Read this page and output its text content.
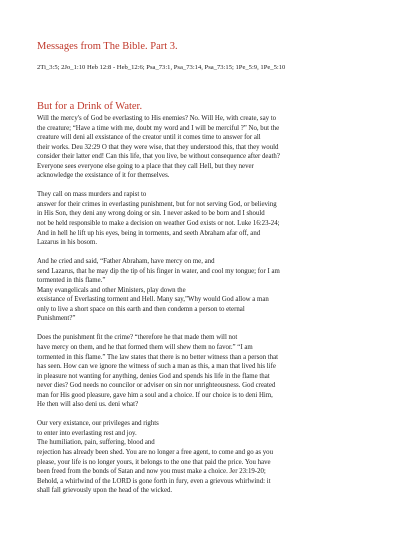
Messages from The Bible. Part 3.
2Ti_3:5; 2Jo_1:10 Heb 12:8 - Heb_12:6; Psa_73:1, Psa_73:14, Psa_73:15; 1Pe_5:9, 1Pe_5:10
But for a Drink of Water.

Will the mercy's of God be everlasting to His enemies? No. Will He, with create, say to
the creature; “Have a time with me, doubt my word and I will be merciful ?” No, but the
creature will deni all exsistance of the creator until it comes time to answer for all
their works. Deu 32:29 O that they were wise, that they understood this, that they would
consider their latter end! Can this life, that you live, be without consequence after death?
Everyone sees everyone else going to a place that they call Hell, but they never
acknowledge the exsistance of it for themselves.

They call on mass murders and rapist to
answer for their crimes in everlasting punishment, but for not serving God, or believing
in His Son, they deni any wrong doing or sin. I never asked to be born and I should
not be held responsible to make a decision on weather God exists or not. Luke 16:23-24;
And in hell he lift up his eyes, being in torments, and seeth Abraham afar off, and
Lazarus in his bosom.

And he cried and said, “Father Abraham, have mercy on me, and
send Lazarus, that he may dip the tip of his finger in water, and cool my tongue; for I am
tormented in this flame.”
Many evangelicals and other Ministers, play down the
exsistance of Everlasting torment and Hell. Many say,”Why would God allow a man
only to live a short space on this earth and then condemn a person to eternal
Punishment?”

Does the punishment fit the crime? “therefore he that made them will not
have mercy on them, and he that formed them will shew them no favor.” “I am
tormented in this flame.” The law states that there is no better witness than a person that
has seen. How can we ignore the witness of such a man as this, a man that lived his life
in pleasure not wanting for anything, denies God and spends his life in the flame that
never dies? God needs no councilor or adviser on sin nor unrighteousness. God created
man for His good pleasure, gave him a soul and a choice. If our choice is to deni Him,
He then will also deni us. deni what?

Our very existance, our privileges and rights
to enter into everlasting rest and joy.
The humiliation, pain, suffering, blood and
rejection has already been shed. You are no longer a free agent, to come and go as you
please, your life is no longer yours, it belongs to the one that paid the price. You have
been freed from the bonds of Satan and now you must make a choice. Jer 23:19-20;
Behold, a whirlwind of the LORD is gone forth in fury, even a grievous whirlwind: it
shall fall grievously upon the head of the wicked.
